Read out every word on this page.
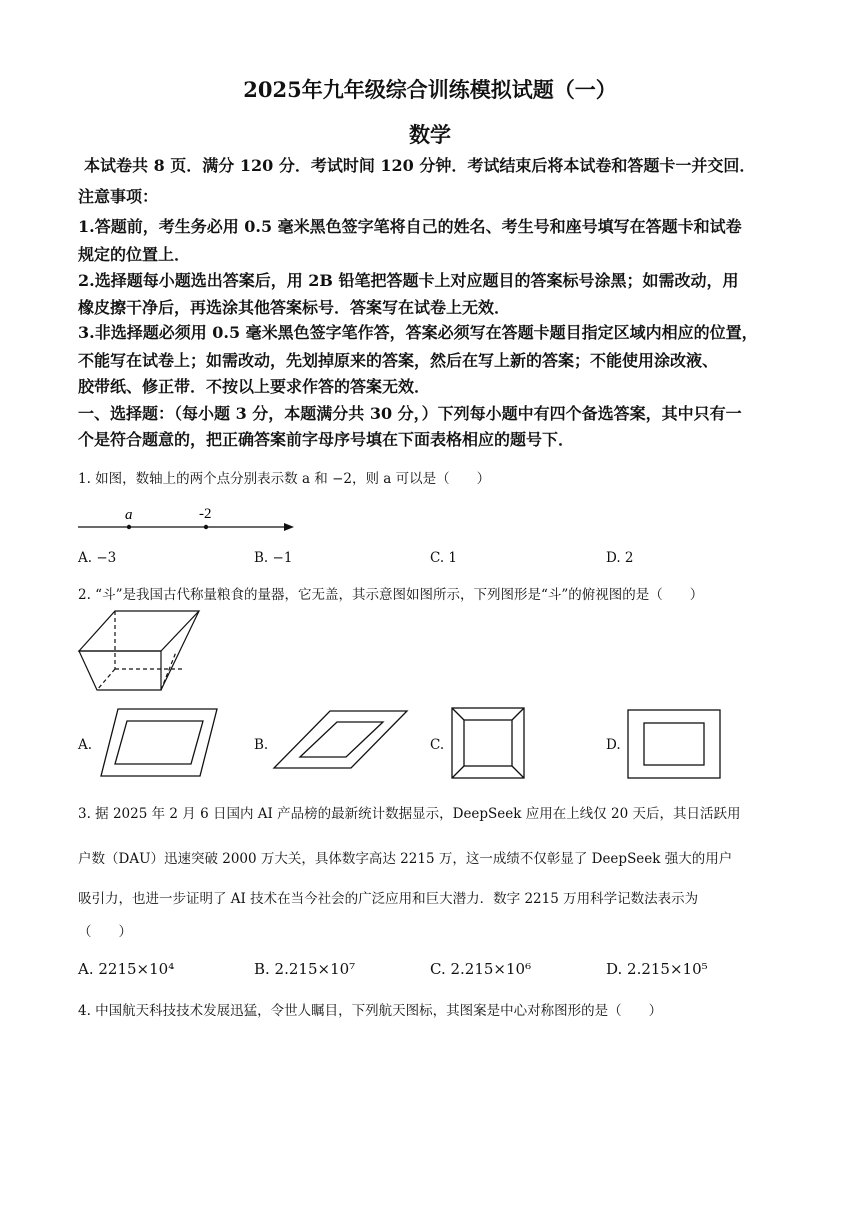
2025年九年级综合训练模拟试题（一）
数学
本试卷共 8 页．满分 120 分．考试时间 120 分钟．考试结束后将本试卷和答题卡一并交回．
注意事项：
1.答题前，考生务必用 0.5 毫米黑色签字笔将自己的姓名、考生号和座号填写在答题卡和试卷
规定的位置上．
2.选择题每小题选出答案后，用 2B 铅笔把答题卡上对应题目的答案标号涂黑；如需改动，用
橡皮擦干净后，再选涂其他答案标号．答案写在试卷上无效．
3.非选择题必须用 0.5 毫米黑色签字笔作答，答案必须写在答题卡题目指定区域内相应的位置，
不能写在试卷上；如需改动，先划掉原来的答案，然后在写上新的答案；不能使用涂改液、
胶带纸、修正带．不按以上要求作答的答案无效．
一、选择题：（每小题 3 分，本题满分共 30 分，）下列每小题中有四个备选答案，其中只有一
个是符合题意的，把正确答案前字母序号填在下面表格相应的题号下．
1. 如图，数轴上的两个点分别表示数 a 和 −2，则 a 可以是（　　）
a	-2
A. −3	B. −1	C. 1	D. 2
2. “斗”是我国古代称量粮食的量器，它无盖，其示意图如图所示，下列图形是“斗”的俯视图的是（　　）
A.	B.	C.	D.
3. 据 2025 年 2 月 6 日国内 AI 产品榜的最新统计数据显示，DeepSeek 应用在上线仅 20 天后，其日活跃用
户数（DAU）迅速突破 2000 万大关，具体数字高达 2215 万，这一成绩不仅彰显了 DeepSeek 强大的用户
吸引力，也进一步证明了 AI 技术在当今社会的广泛应用和巨大潜力．数字 2215 万用科学记数法表示为
（　　）
A. 2215×10⁴	B. 2.215×10⁷	C. 2.215×10⁶	D. 2.215×10⁵
4. 中国航天科技技术发展迅猛，令世人瞩目，下列航天图标，其图案是中心对称图形的是（　　）
